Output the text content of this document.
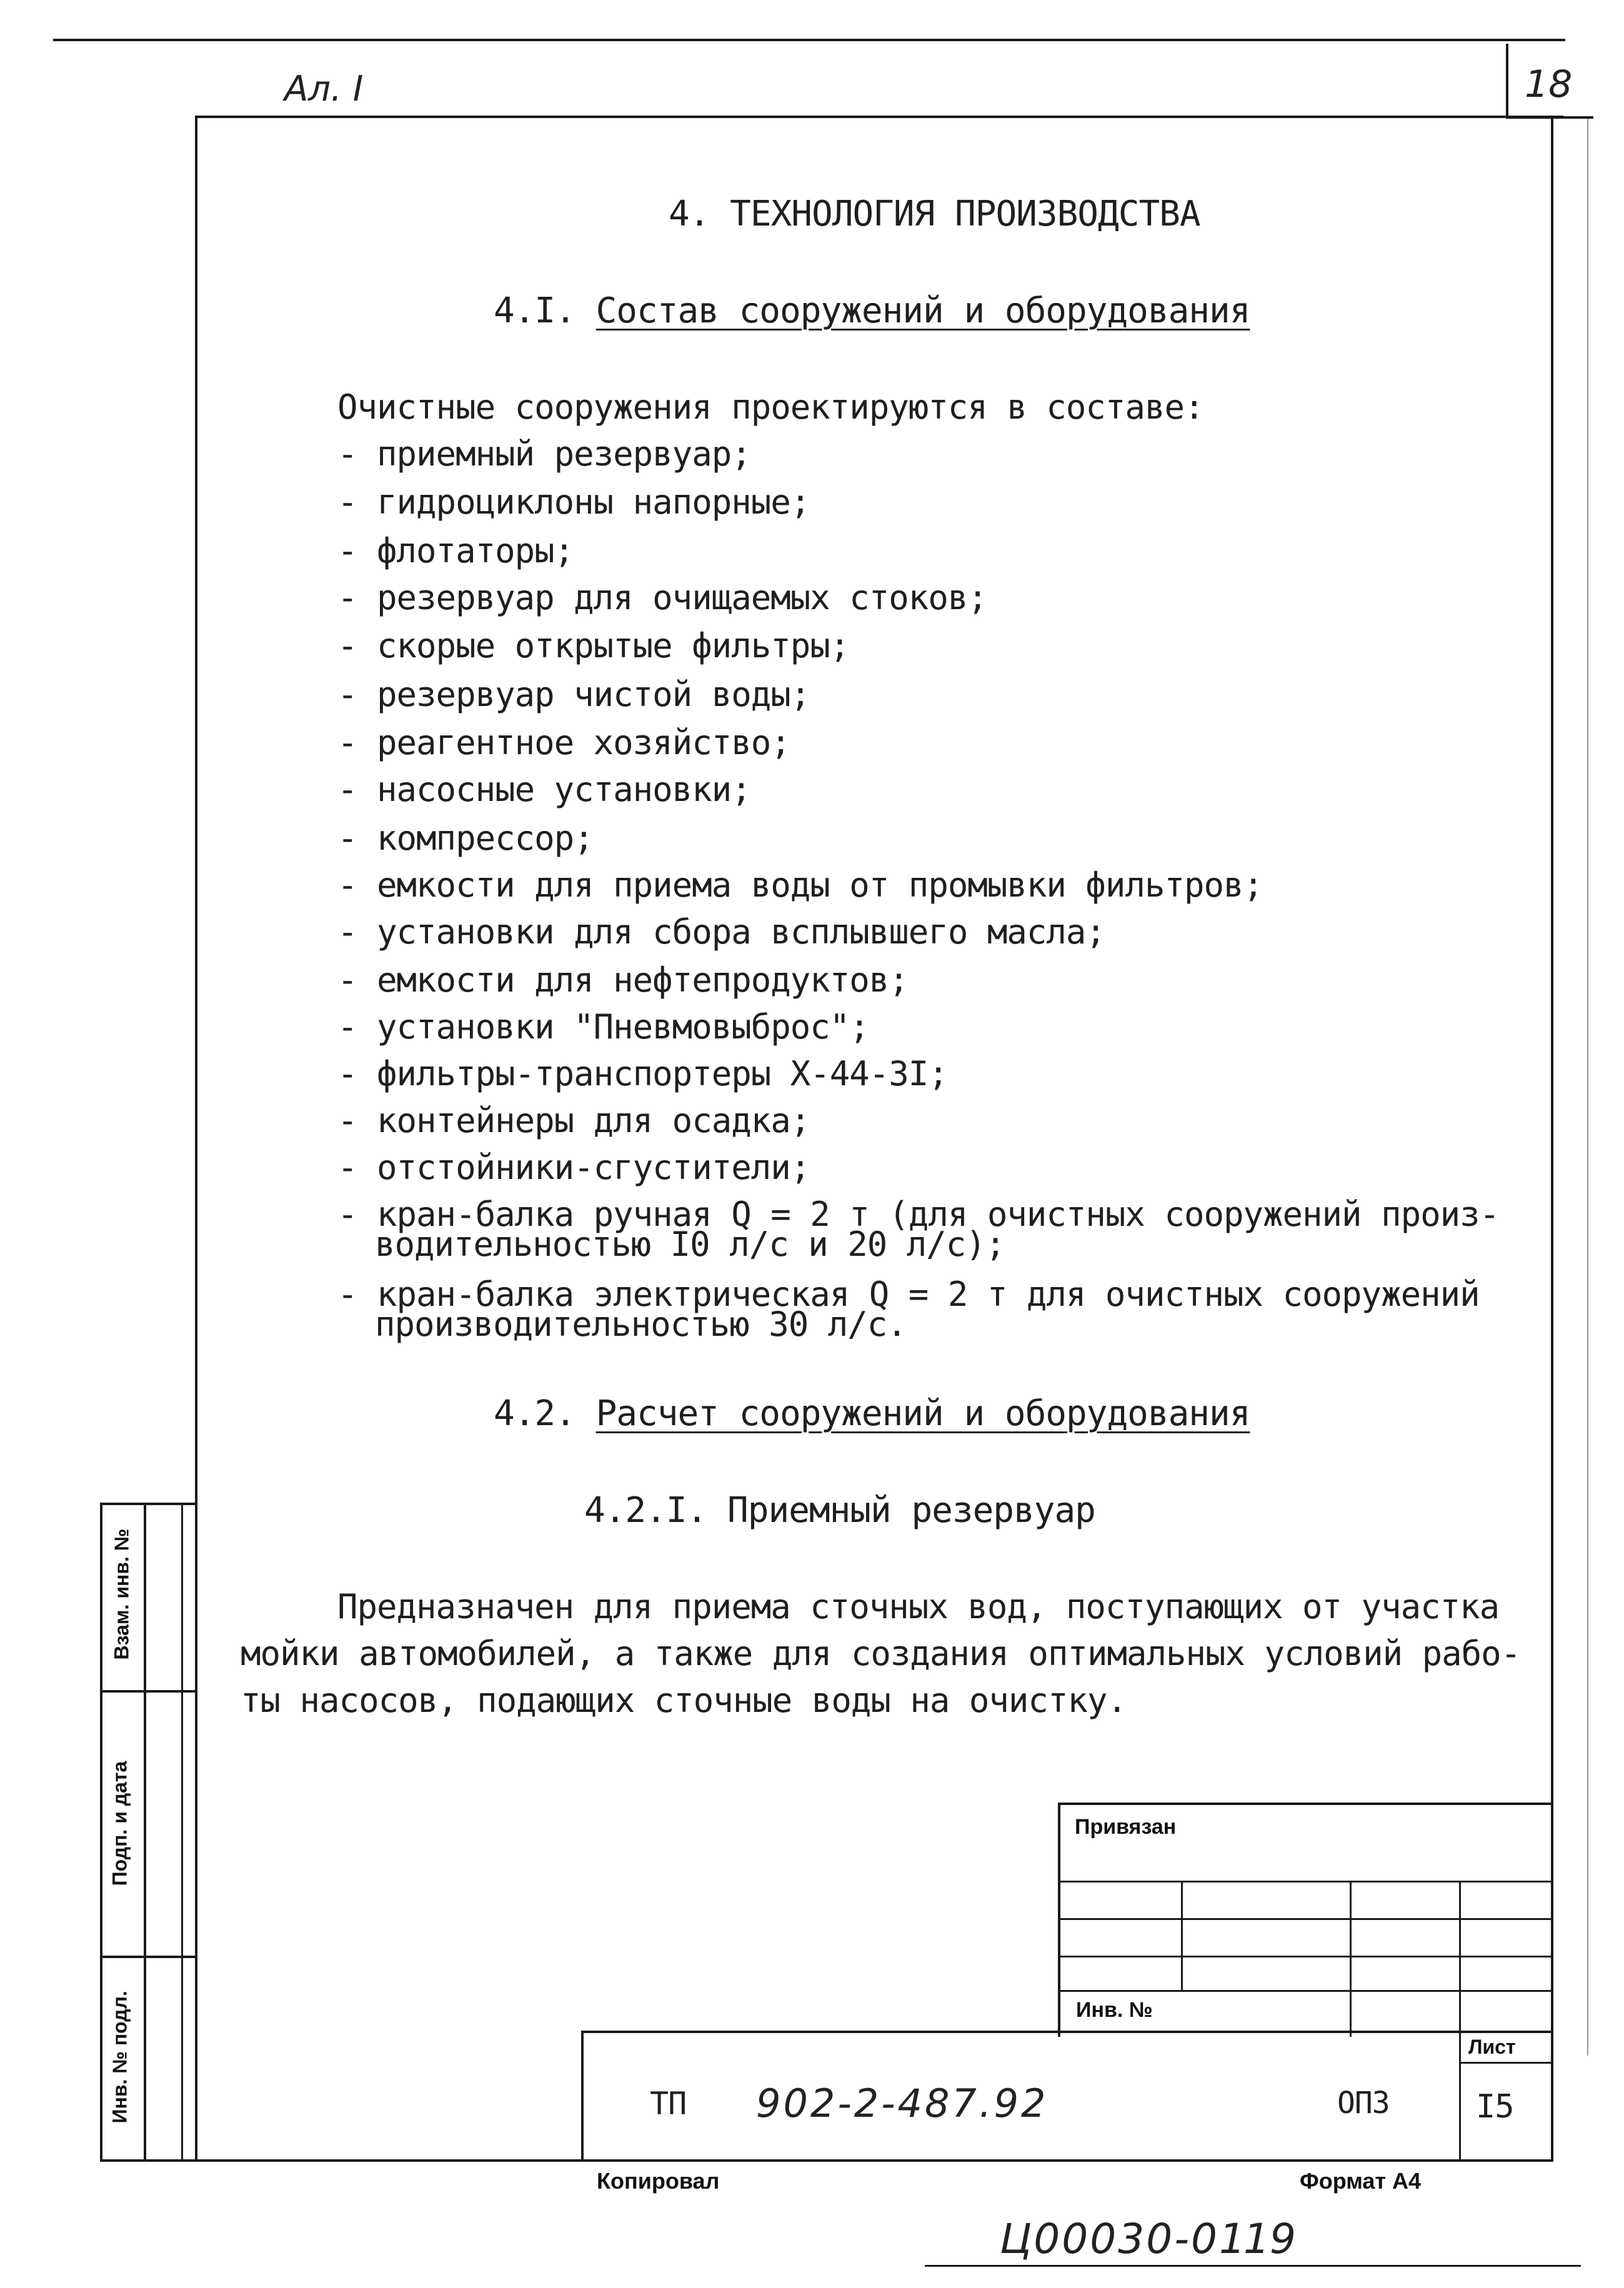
Ал. I	18
4. ТЕХНОЛОГИЯ ПРОИЗВОДСТВА
4.I. Состав сооружений и оборудования
Очистные сооружения проектируются в составе:
- приемный резервуар;
- гидроциклоны напорные;
- флотаторы;
- резервуар для очищаемых стоков;
- скорые открытые фильтры;
- резервуар чистой воды;
- реагентное хозяйство;
- насосные установки;
- компрессор;
- емкости для приема воды от промывки фильтров;
- установки для сбора всплывшего масла;
- емкости для нефтепродуктов;
- установки "Пневмовыброс";
- фильтры-транспортеры Х-44-3I;
- контейнеры для осадка;
- отстойники-сгустители;
- кран-балка ручная Q = 2 т (для очистных сооружений произ-
- кран-балка электрическая Q = 2 т для очистных сооружений
водительностью I0 л/с и 20 л/с);
производительностью 30 л/с.
4.2. Расчет сооружений и оборудования
4.2.I. Приемный резервуар
Предназначен для приема сточных вод, поступающих от участка
мойки автомобилей, а также для создания оптимальных условий рабо-
ты насосов, подающих сточные воды на очистку.
Взам. инв. №
Подп. и дата
Инв. № подл.
Привязан
Инв. №
Лист
ТП 902-2-487.92	ОПЗ	I5
Копировал	Формат А4
Ц00030-01
19
